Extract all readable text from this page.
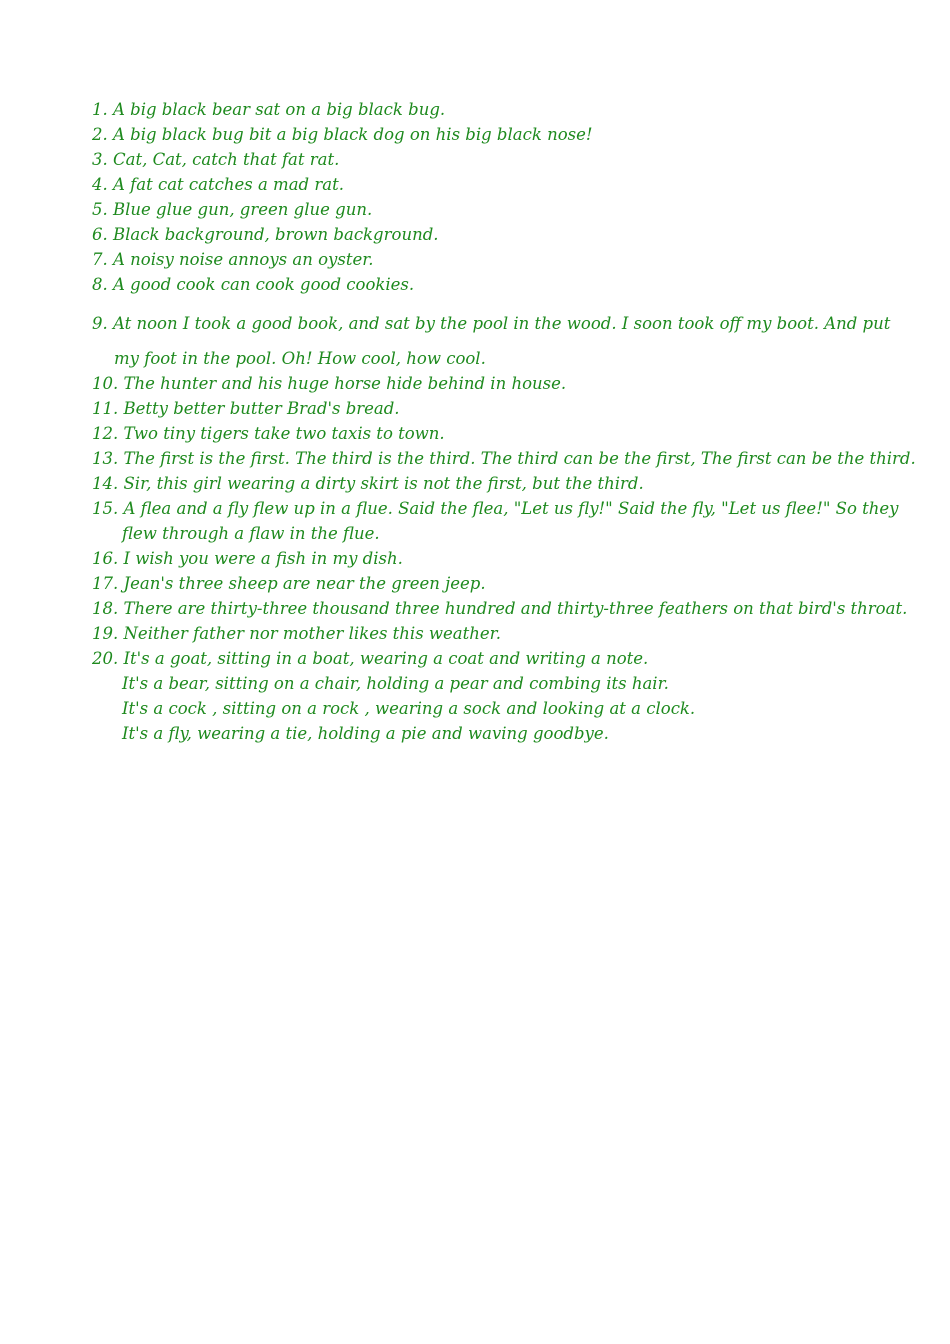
1. A big black bear sat on a big black bug.
2. A big black bug bit a big black dog on his big black nose!
3. Cat, Cat, catch that fat rat.
4. A fat cat catches a mad rat.
5. Blue glue gun, green glue gun.
6. Black background, brown background.
7. A noisy noise annoys an oyster.
8. A good cook can cook good cookies.
9. At noon I took a good book, and sat by the pool in the wood. I soon took off my boot. And put
my foot in the pool. Oh! How cool, how cool.
10. The hunter and his huge horse hide behind in house.
11. Betty better butter Brad's bread.
12. Two tiny tigers take two taxis to town.
13. The first is the first. The third is the third. The third can be the first, The first can be the third.
14. Sir, this girl wearing a dirty skirt is not the first, but the third.
15. A flea and a fly flew up in a flue. Said the flea, "Let us fly!" Said the fly, "Let us flee!" So they
flew through a flaw in the flue.
16. I wish you were a fish in my dish.
17. Jean's three sheep are near the green jeep.
18. There are thirty-three thousand three hundred and thirty-three feathers on that bird's throat.
19. Neither father nor mother likes this weather.
20. It's a goat, sitting in a boat, wearing a coat and writing a note.
It's a bear, sitting on a chair, holding a pear and combing its hair.
It's a cock , sitting on a rock , wearing a sock and looking at a clock.
It's a fly, wearing a tie, holding a pie and waving goodbye.
